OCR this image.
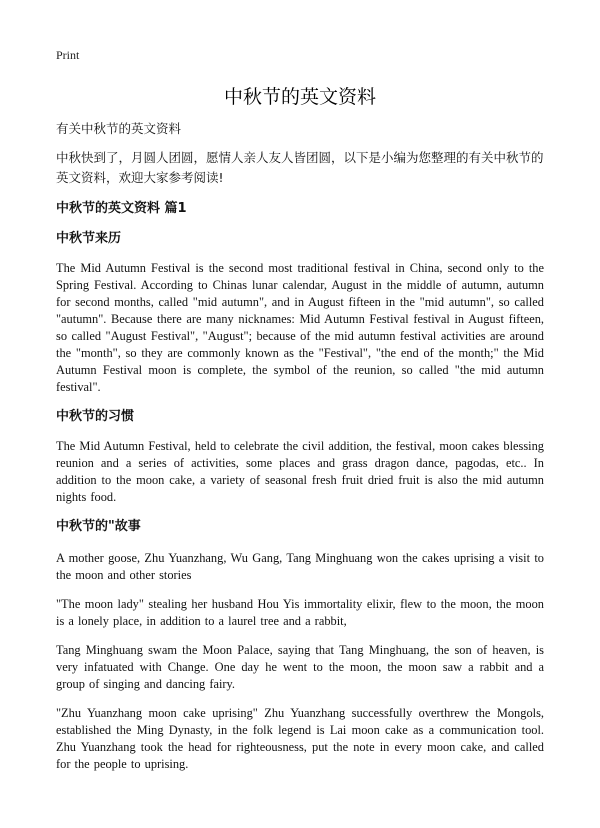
Print
中秋节的英文资料

有关中秋节的英文资料

中秋快到了，月圆人团圆，愿情人亲人友人皆团圆，以下是小编为您整理的有关中秋节的英文资料，欢迎大家参考阅读!

中秋节的英文资料 篇1
中秋节来历

The Mid Autumn Festival is the second most traditional festival in China, second only to the Spring Festival. According to Chinas lunar calendar, August in the middle of autumn, autumn for second months, called "mid autumn", and in August fifteen in the "mid autumn", so called "autumn". Because there are many nicknames: Mid Autumn Festival festival in August fifteen, so called "August Festival", "August"; because of the mid autumn festival activities are around the "month", so they are commonly known as the "Festival", "the end of the month;" the Mid Autumn Festival moon is complete, the symbol of the reunion, so called "the mid autumn festival".

中秋节的习惯

The Mid Autumn Festival, held to celebrate the civil addition, the festival, moon cakes blessing reunion and a series of activities, some places and grass dragon dance, pagodas, etc.. In addition to the moon cake, a variety of seasonal fresh fruit dried fruit is also the mid autumn nights food.

中秋节的"故事

A mother goose, Zhu Yuanzhang, Wu Gang, Tang Minghuang won the cakes uprising a visit to the moon and other stories

"The moon lady" stealing her husband Hou Yis immortality elixir, flew to the moon, the moon is a lonely place, in addition to a laurel tree and a rabbit,

Tang Minghuang swam the Moon Palace, saying that Tang Minghuang, the son of heaven, is very infatuated with Change. One day he went to the moon, the moon saw a rabbit and a group of singing and dancing fairy.

"Zhu Yuanzhang moon cake uprising" Zhu Yuanzhang successfully overthrew the Mongols, established the Ming Dynasty, in the folk legend is Lai moon cake as a communication tool. Zhu Yuanzhang took the head for righteousness, put the note in every moon cake, and called for the people to uprising.
